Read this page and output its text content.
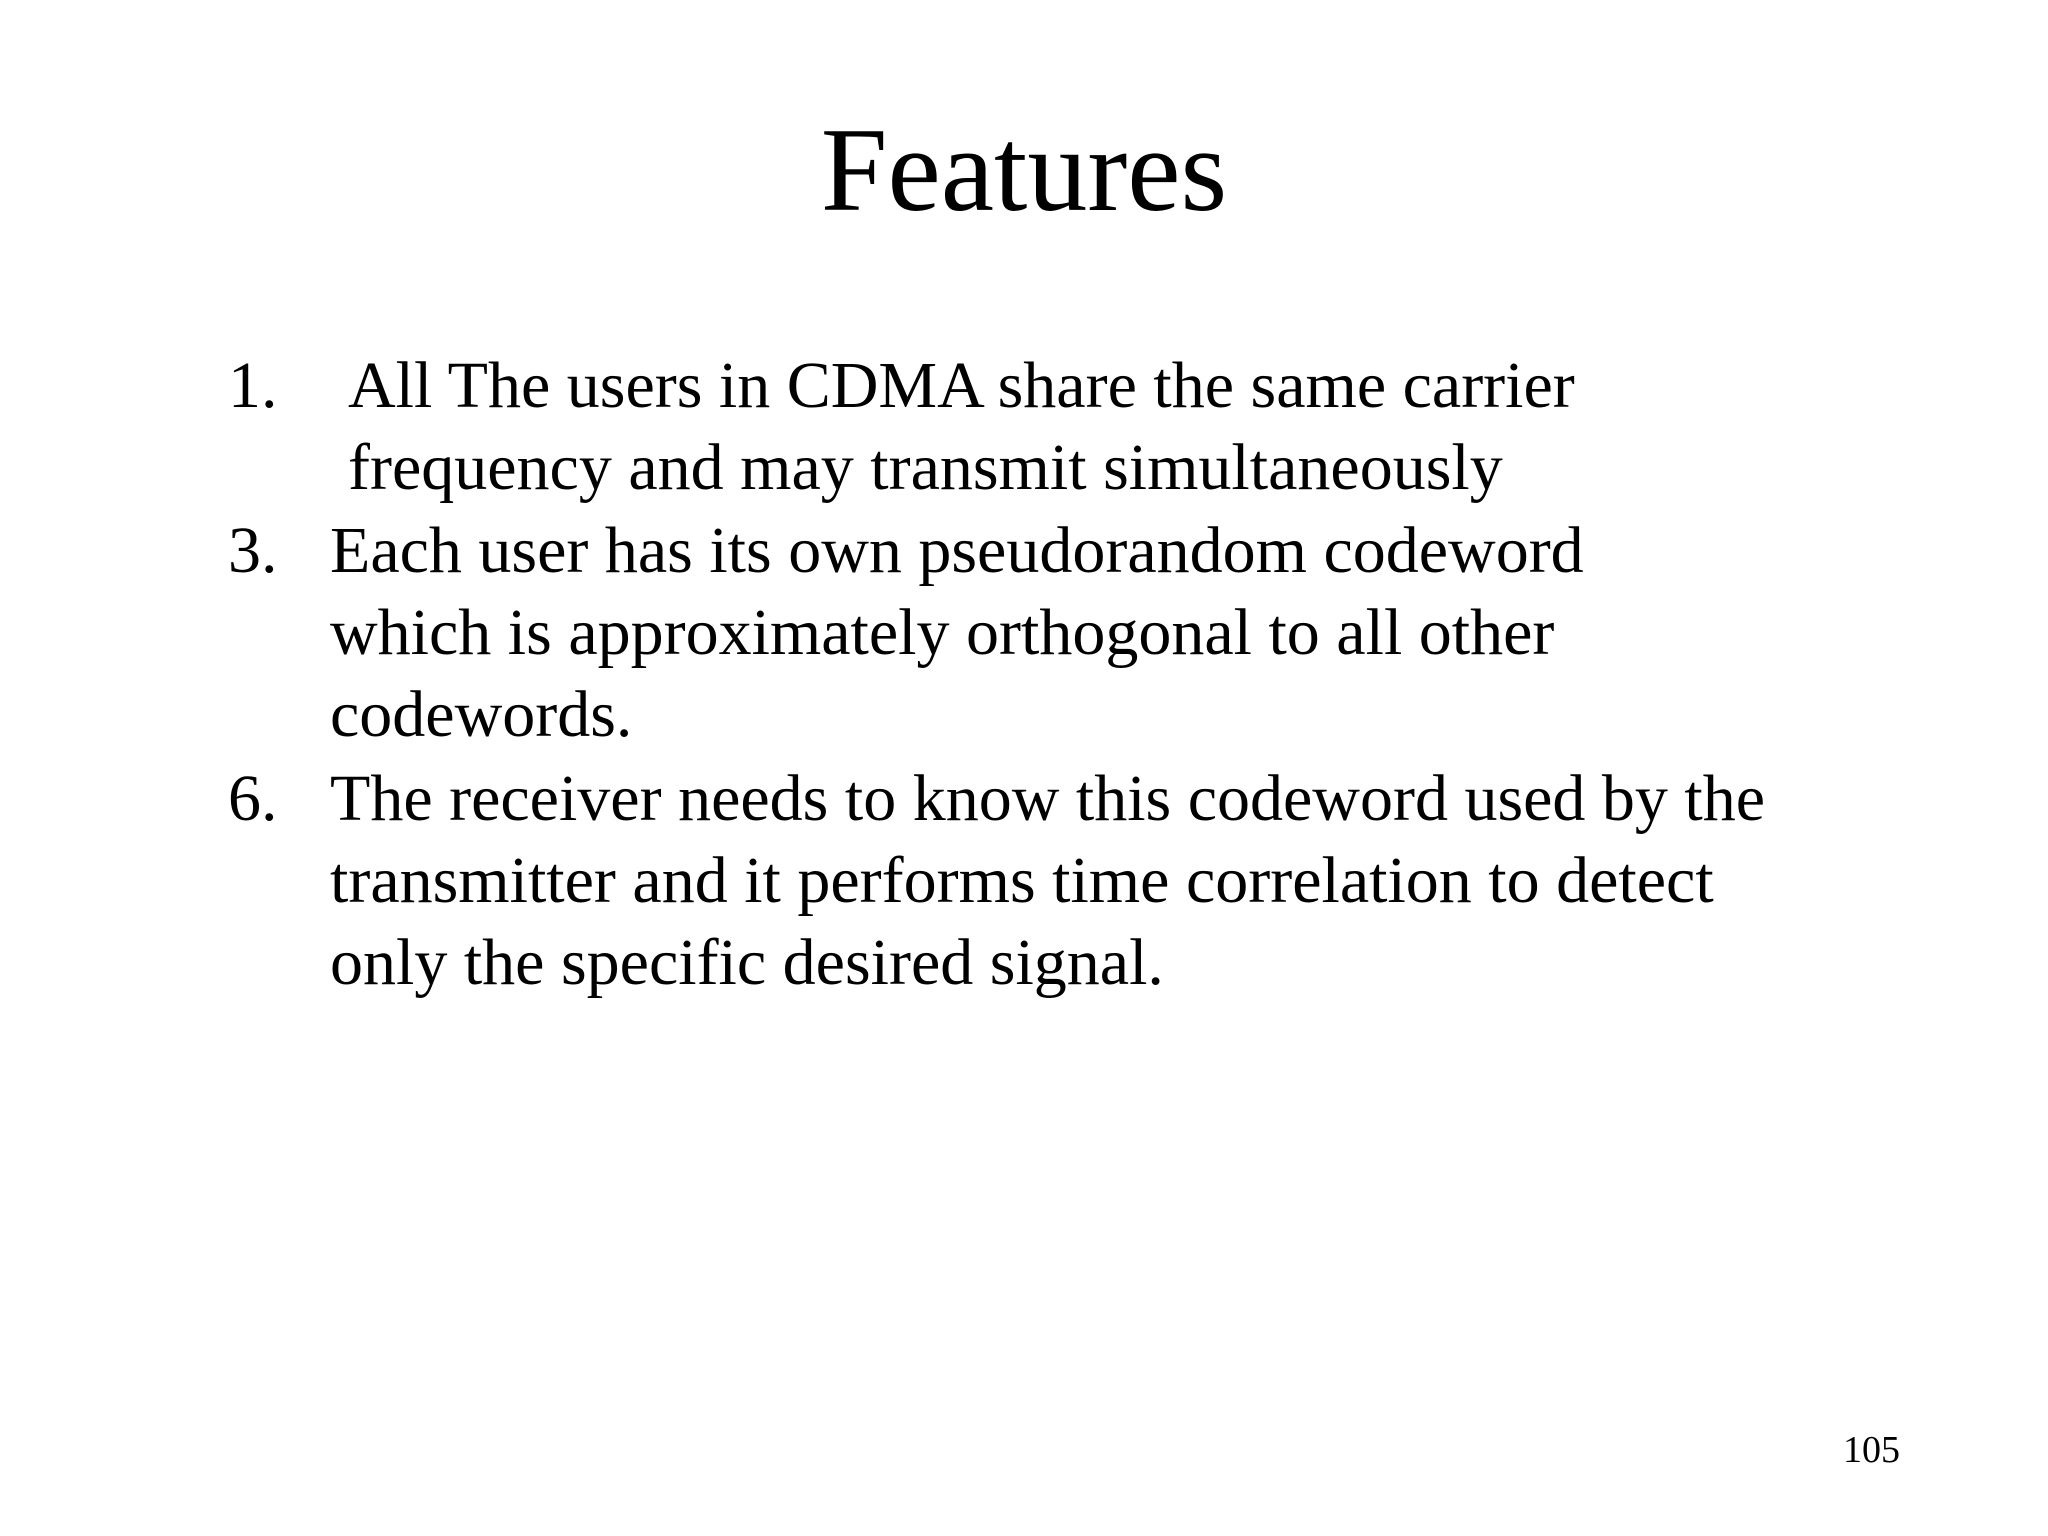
Features
1. All The users in CDMA share the same carrier frequency and may transmit simultaneously
3. Each user has its own pseudorandom codeword which is approximately orthogonal to all other codewords.
6. The receiver needs to know this codeword used by the transmitter and it performs time correlation to detect only the specific desired signal.
105
